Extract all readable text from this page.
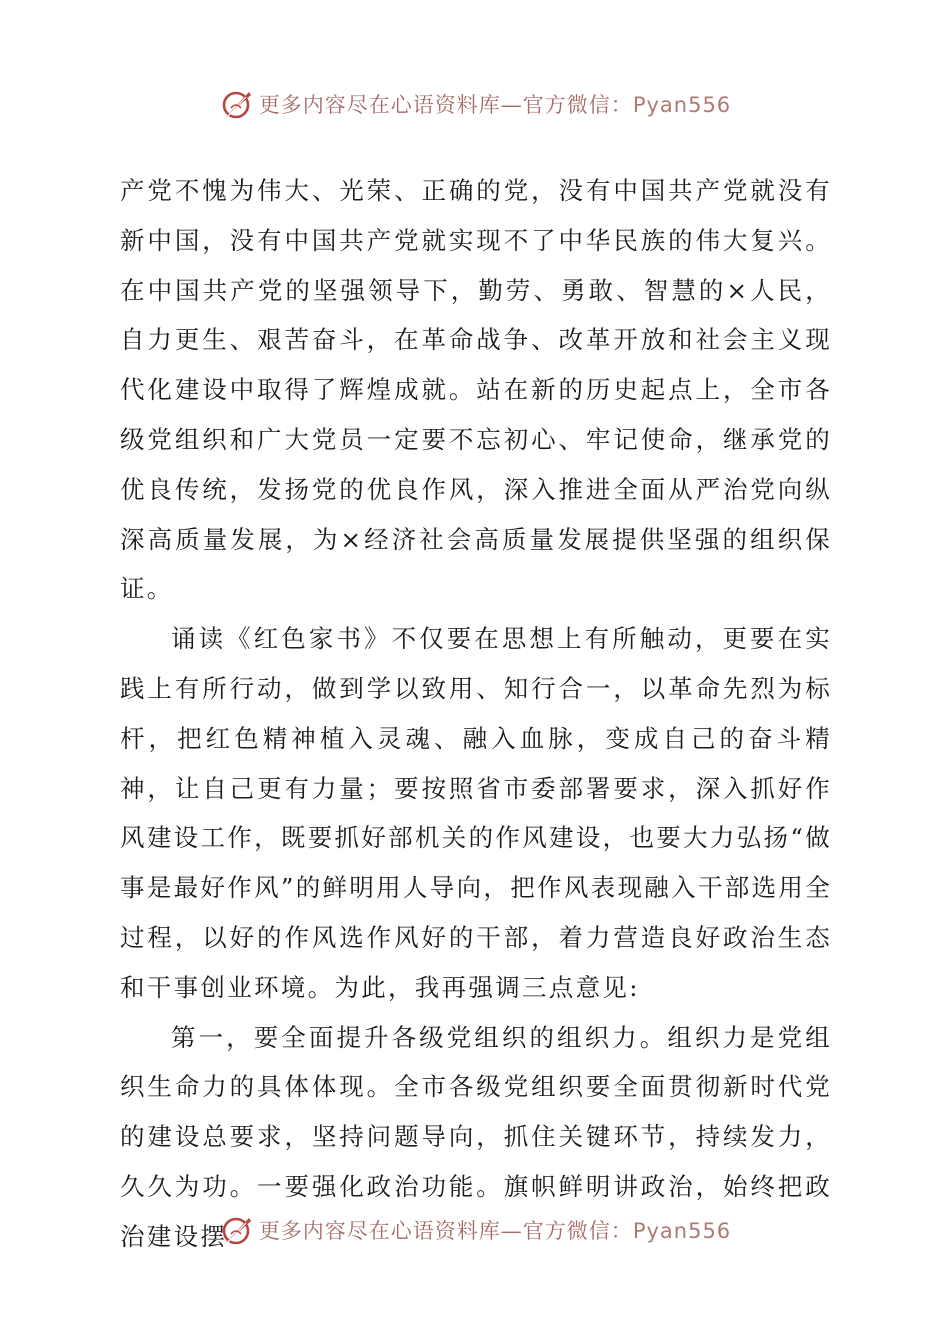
更多内容尽在心语资料库—官方微信：Pyan556

产党不愧为伟大、光荣、正确的党，没有中国共产党就没有新中国，没有中国共产党就实现不了中华民族的伟大复兴。在中国共产党的坚强领导下，勤劳、勇敢、智慧的×人民，自力更生、艰苦奋斗，在革命战争、改革开放和社会主义现代化建设中取得了辉煌成就。站在新的历史起点上，全市各级党组织和广大党员一定要不忘初心、牢记使命，继承党的优良传统，发扬党的优良作风，深入推进全面从严治党向纵深高质量发展，为×经济社会高质量发展提供坚强的组织保证。

诵读《红色家书》不仅要在思想上有所触动，更要在实践上有所行动，做到学以致用、知行合一，以革命先烈为标杆，把红色精神植入灵魂、融入血脉，变成自己的奋斗精神，让自己更有力量；要按照省市委部署要求，深入抓好作风建设工作，既要抓好部机关的作风建设，也要大力弘扬“做事是最好作风”的鲜明用人导向，把作风表现融入干部选用全过程，以好的作风选作风好的干部，着力营造良好政治生态和干事创业环境。为此，我再强调三点意见:

第一，要全面提升各级党组织的组织力。组织力是党组织生命力的具体体现。全市各级党组织要全面贯彻新时代党的建设总要求，坚持问题导向，抓住关键环节，持续发力，久久为功。一要强化政治功能。旗帜鲜明讲政治，始终把政治建设摆	更多内容尽在心语资料库—官方微信：Pyan556
